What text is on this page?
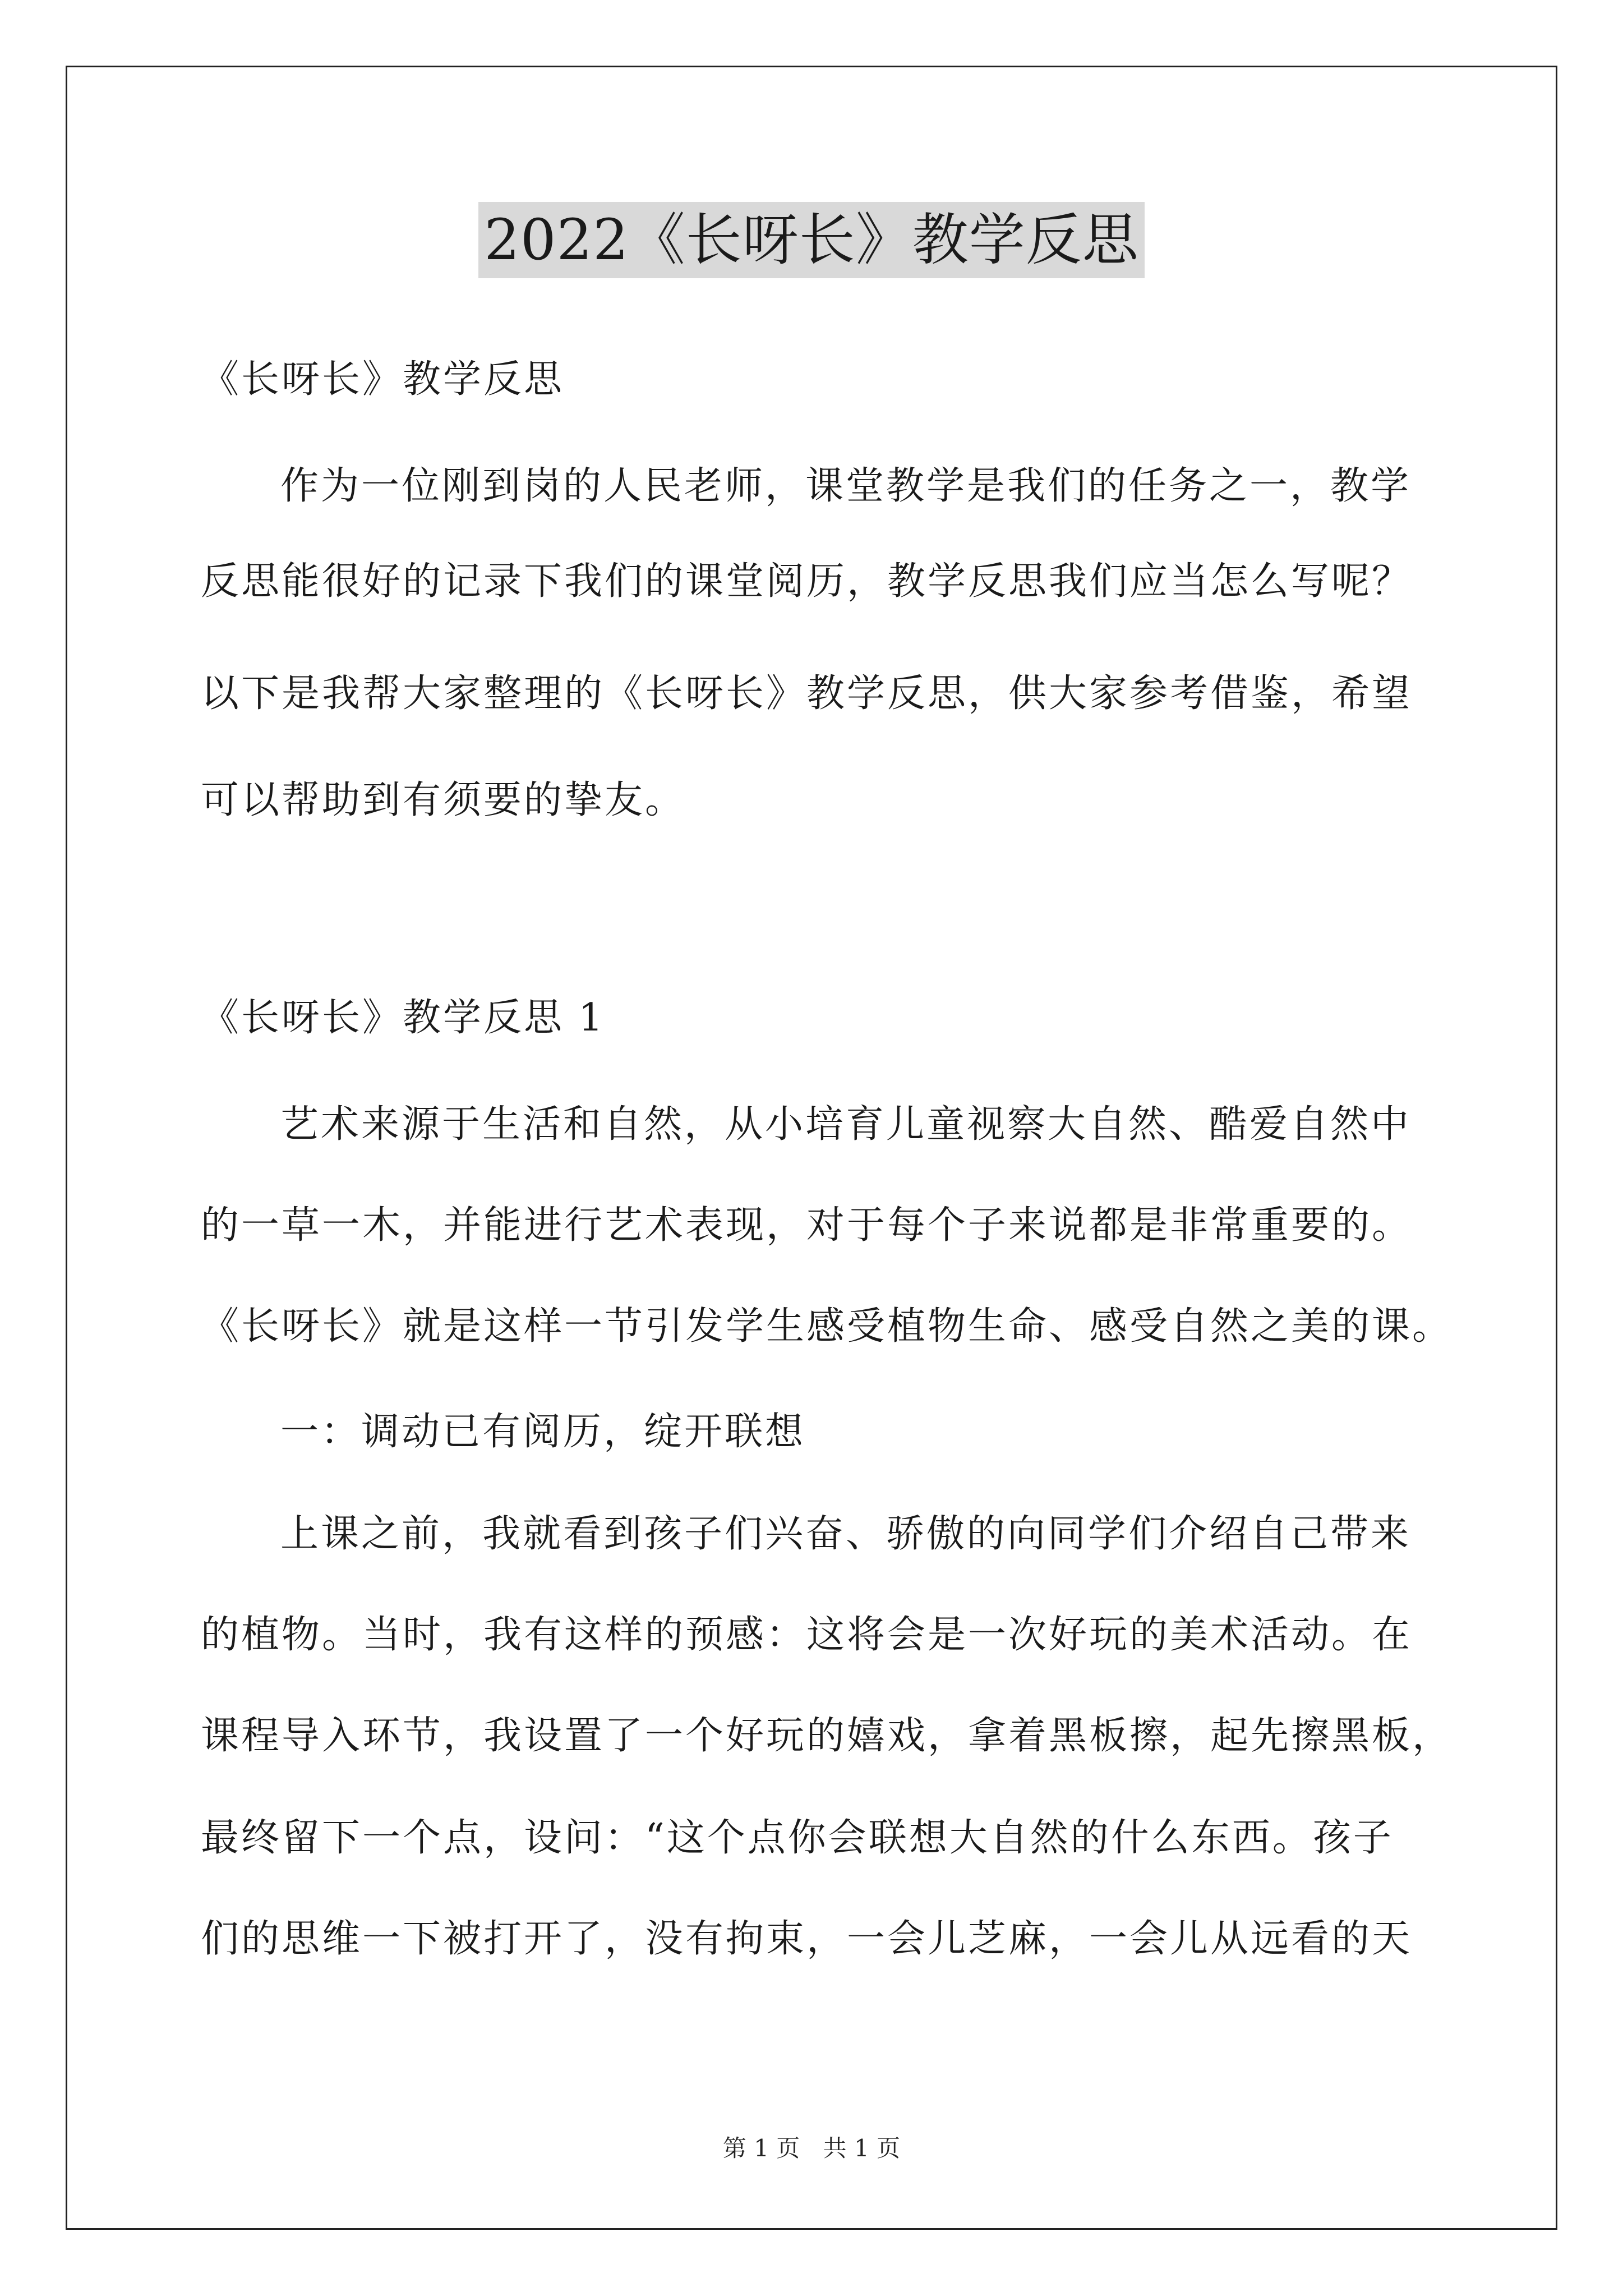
2022《长呀长》教学反思
《长呀长》教学反思
作为一位刚到岗的人民老师，课堂教学是我们的任务之一，教学
反思能很好的记录下我们的课堂阅历，教学反思我们应当怎么写呢？
以下是我帮大家整理的《长呀长》教学反思，供大家参考借鉴，希望
可以帮助到有须要的挚友。
《长呀长》教学反思 1
艺术来源于生活和自然，从小培育儿童视察大自然、酷爱自然中
的一草一木，并能进行艺术表现，对于每个子来说都是非常重要的。
《长呀长》就是这样一节引发学生感受植物生命、感受自然之美的课。
一：调动已有阅历，绽开联想
上课之前，我就看到孩子们兴奋、骄傲的向同学们介绍自己带来
的植物。当时，我有这样的预感：这将会是一次好玩的美术活动。在
课程导入环节，我设置了一个好玩的嬉戏，拿着黑板擦，起先擦黑板，
最终留下一个点，设问：“这个点你会联想大自然的什么东西。孩子
们的思维一下被打开了，没有拘束，一会儿芝麻，一会儿从远看的天
第 1 页 共 1 页
